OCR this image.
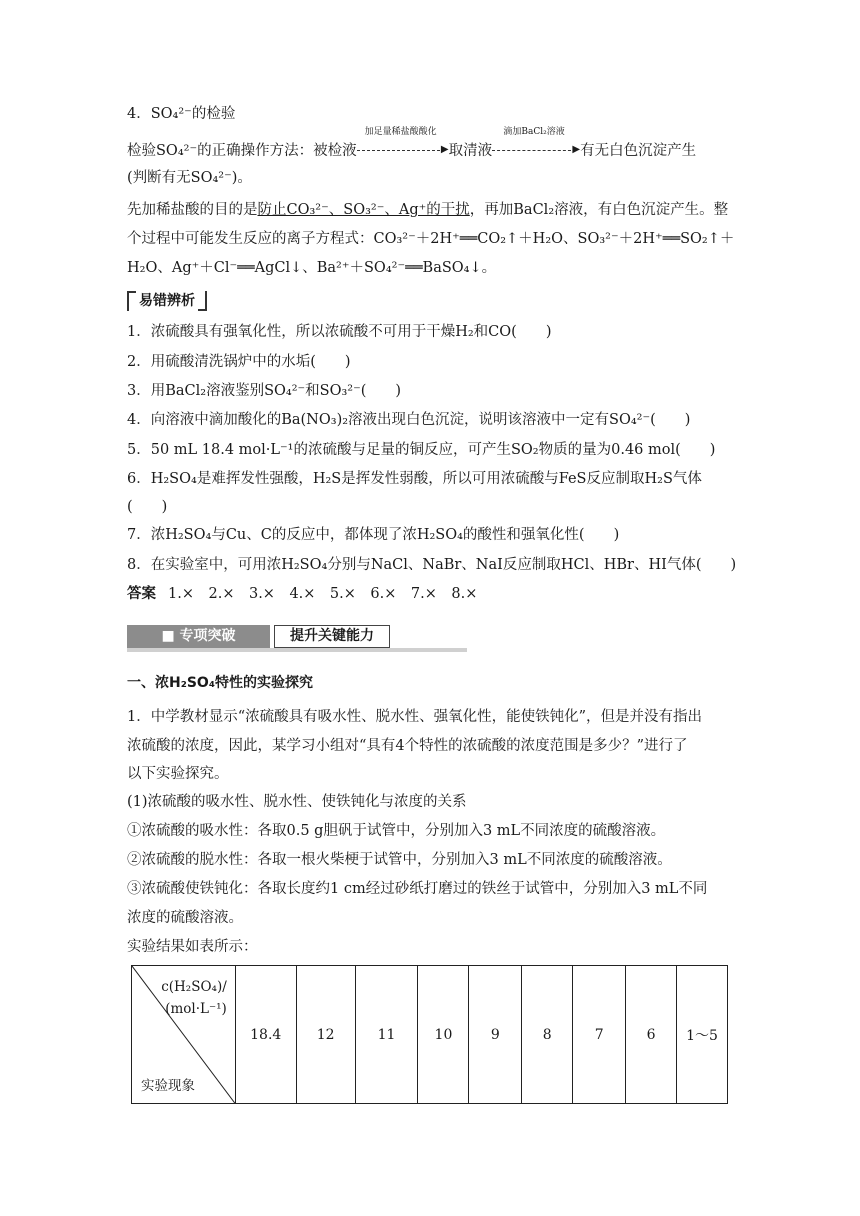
4．SO₄²⁻的检验
检验SO₄²⁻的正确操作方法：被检液
加足量稀盐酸酸化
▶ 取清液
滴加BaCl₂溶液
▶ 有无白色沉淀产生
(判断有无SO₄²⁻)。
先加稀盐酸的目的是防止CO₃²⁻、SO₃²⁻、Ag⁺的干扰，再加BaCl₂溶液，有白色沉淀产生。整
个过程中可能发生反应的离子方程式：CO₃²⁻＋2H⁺══CO₂↑＋H₂O、SO₃²⁻＋2H⁺══SO₂↑＋
H₂O、Ag⁺＋Cl⁻══AgCl↓、Ba²⁺＋SO₄²⁻══BaSO₄↓。
易错辨析
1．浓硫酸具有强氧化性，所以浓硫酸不可用于干燥H₂和CO(　　)
2．用硫酸清洗锅炉中的水垢(　　)
3．用BaCl₂溶液鉴别SO₄²⁻和SO₃²⁻(　　)
4．向溶液中滴加酸化的Ba(NO₃)₂溶液出现白色沉淀，说明该溶液中一定有SO₄²⁻(　　)
5．50 mL 18.4 mol·L⁻¹的浓硫酸与足量的铜反应，可产生SO₂物质的量为0.46 mol(　　)
6．H₂SO₄是难挥发性强酸，H₂S是挥发性弱酸，所以可用浓硫酸与FeS反应制取H₂S气体
(　　)
7．浓H₂SO₄与Cu、C的反应中，都体现了浓H₂SO₄的酸性和强氧化性(　　)
8．在实验室中，可用浓H₂SO₄分别与NaCl、NaBr、NaI反应制取HCl、HBr、HI气体(　　)
答案 1.×　2.×　3.×　4.×　5.×　6.×　7.×　8.×
■ 专项突破	提升关键能力
一、浓H₂SO₄特性的实验探究
1．中学教材显示“浓硫酸具有吸水性、脱水性、强氧化性，能使铁钝化”，但是并没有指出
浓硫酸的浓度，因此，某学习小组对“具有4个特性的浓硫酸的浓度范围是多少？”进行了
以下实验探究。
(1)浓硫酸的吸水性、脱水性、使铁钝化与浓度的关系
①浓硫酸的吸水性：各取0.5 g胆矾于试管中，分别加入3 mL不同浓度的硫酸溶液。
②浓硫酸的脱水性：各取一根火柴梗于试管中，分别加入3 mL不同浓度的硫酸溶液。
③浓硫酸使铁钝化：各取长度约1 cm经过砂纸打磨过的铁丝于试管中，分别加入3 mL不同
浓度的硫酸溶液。
实验结果如表所示：
c(H₂SO₄)/
(mol·L⁻¹)
实验现象
	18.4	12	11	10	9	8	7	6	1～5
